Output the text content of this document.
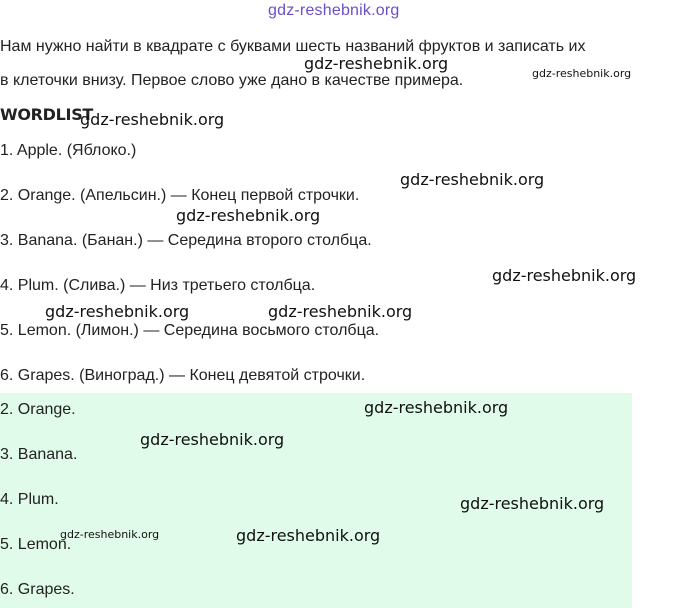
gdz-reshebnik.org

Нам нужно найти в квадрате с буквами шесть названий фруктов и записать их

в клеточки внизу. Первое слово уже дано в качестве примера.

WORDLIST
1. Apple. (Яблоко.)
2. Orange. (Апельсин.) — Конец первой строчки.
3. Banana. (Банан.) — Середина второго столбца.
4. Plum. (Слива.) — Низ третьего столбца.
5. Lemon. (Лимон.) — Середина восьмого столбца.
6. Grapes. (Виноград.) — Конец девятой строчки.
2. Orange.
3. Banana.
4. Plum.
5. Lemon.
6. Grapes.
gdz-reshebnik.org
gdz-reshebnik.org
gdz-reshebnik.org
gdz-reshebnik.org
gdz-reshebnik.org
gdz-reshebnik.org
gdz-reshebnik.org	gdz-reshebnik.org
gdz-reshebnik.org
gdz-reshebnik.org
gdz-reshebnik.org
gdz-reshebnik.org	gdz-reshebnik.org
